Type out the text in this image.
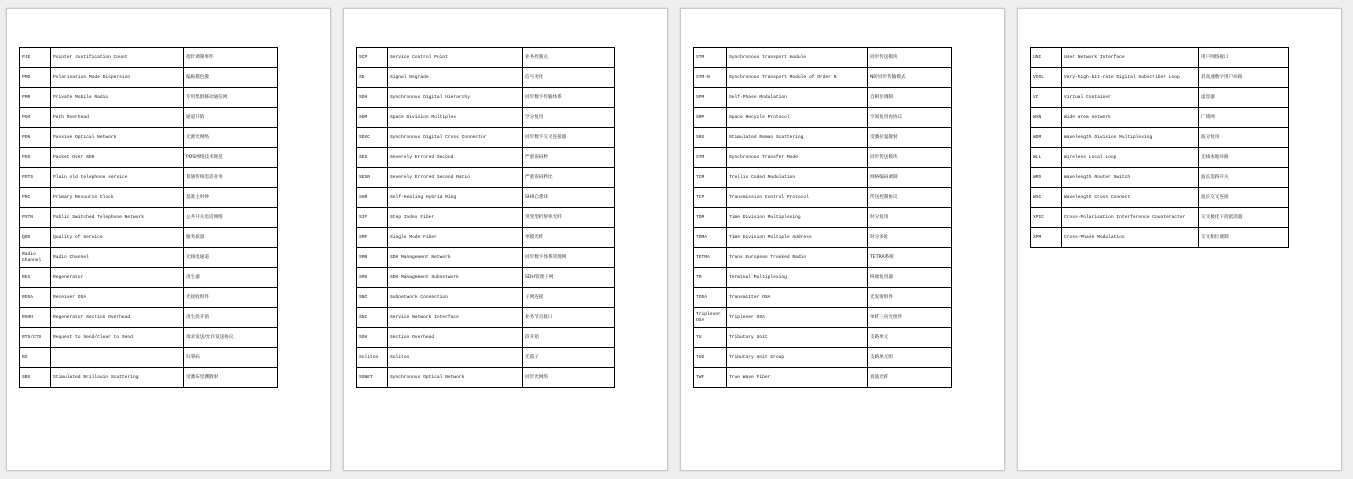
PJE	Pointer Justification Count	指针调制事件
PMD	Polarisation Mode Dispersion	偏振模色散
PMR	Private Mobile Radio	专用集群移动通信网
POH	Path Overhead	通道开销
PON	Passive Optical Network	无源光网络
POS	Packet Over SDH	POS网络技术规范
POTS	Plain old telephone service	普通传统电话业务
PRC	Primary Resource Clock	基准主时钟
PSTN	Public Switched Telephone Network	公共开关电话网络
QOS	Quality of Service	服务质量
Radio Channel	Radio Channel	无线电通道
RES	Regenerator	再生器
ROSA	Receiver OSA	光接收组件
RSOH	Regenerator Section Overhead	再生段开销
RTS/CTS	Request to Send/Clear to Send	请求发送/允许发送协议
RZ		归零码
SBS	Stimulated Brillouin Scattering	受激布里渊散射
SCP	Service Control Point	业务控制点
SD	Signal Degrade	信号劣化
SDH	Synchronous Digital Hierarchy	同步数字传输体系
SDM	Space Division Multiplex	空分复用
SDXC	Synchronous Digital Cross Connector	同步数字交叉连接器
SES	Severely Errored Second	严重误码秒
SESR	Severely Errored Second Ratio	严重误码秒比
SHR	Self-Healing Hybrid Ring	SHR自愈环
SIF	Step Index Fiber	突变型折射率光纤
SMF	Single Mode Fiber	单模光纤
SMN	SDH Management Network	同步数字体系管理网
SMS	SDH Management Subnetwork	SDH管理子网
SNC	Subnetwork Connection	子网连接
SNI	Service Network Interface	业务节点接口
SOH	Section Overhead	段开销
Soliton	Soliton	光孤子
SONET	Synchronous Optical Network	同步光网络
STM	Synchronous transport module	同步传送模块
STM-N	Synchronous Transport Module of Order N	N阶同步传输模式
SPM	Self-Phase Modulation	自相位调制
SRP	Space Recycle Protocol	空间复用再协议
SRS	Stimulated Raman Scattering	受激拉曼散射
STM	Synchronous Transfer Mode	同步传送模块
TCM	Trellis Coded Modulation	网格编码调制
TCP	Transmission Control Protocol	传送控制协议
TDM	Time Division Multiplexing	时分复用
TDMA	Time Division Multiple Address	时分多址
TETRA	Trans European Trunked Radio	TETRA系统
TM	Terminal Multiplexing	终端复用器
TOSA	Transmitter OSA	光发射组件
Triplexer OSA	Triplexer OSA	单纤三向光组件
TU	Tributary Unit	支路单元
TUG	Tributary Unit Group	支路单元组
TWF	True Wave Fiber	真波光纤
UNI	User Network Interface	用户网络接口
VDSL	Very-high-bit-rate Digital Subscriber Loop	甚高速数字用户环路
VC	Virtual Container	虚容器
WAN	Wide area network	广域网
WDM	Wavelength Division Multiplexing	波分复用
WLL	Wireless Local Loop	无线本地环路
WRS	Wavelength Router Switch	波长选路开关
WXC	Wavelength Cross Connect	波长交叉连接
XPIC	Cross-Polarisation Interference Counteracter	交叉极化干扰抵消器
XPM	Cross-Phase Modulation	交叉相位调制
